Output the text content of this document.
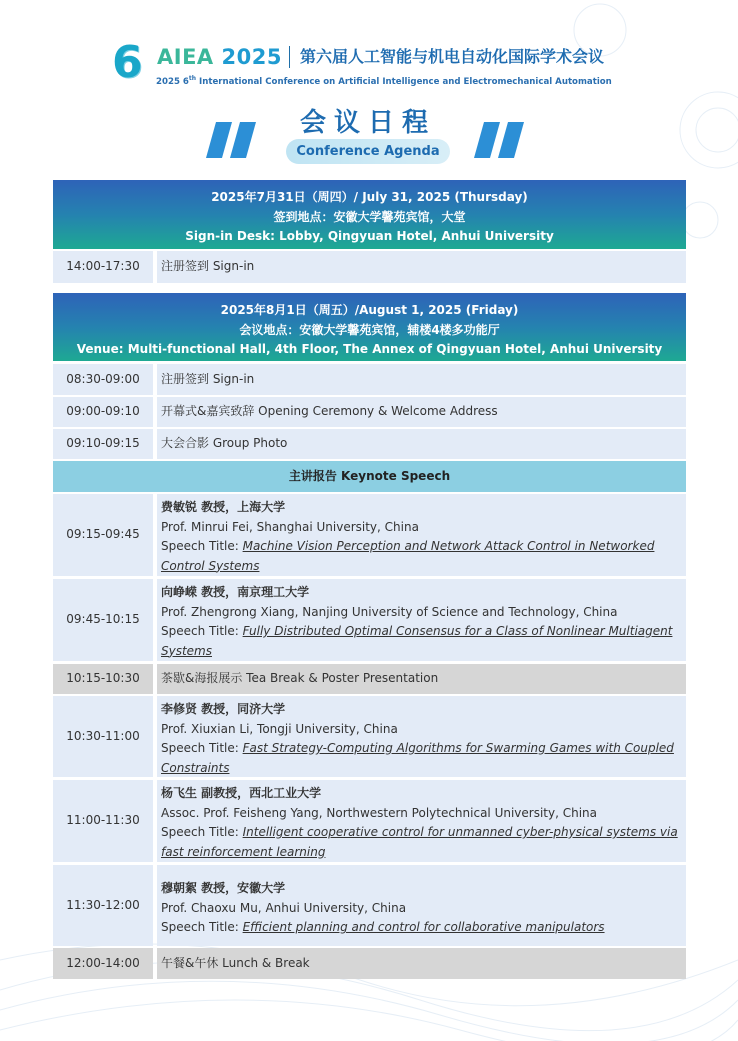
6 AIEA 2025 第六届人工智能与机电自动化国际学术会议
2025 6th International Conference on Artificial Intelligence and Electromechanical Automation
会议日程
Conference Agenda
2025年7月31日（周四）/ July 31, 2025 (Thursday)
签到地点：安徽大学馨苑宾馆，大堂
Sign-in Desk: Lobby, Qingyuan Hotel, Anhui University
14:00-17:30	注册签到 Sign-in
2025年8月1日（周五）/August 1, 2025 (Friday)
会议地点：安徽大学馨苑宾馆，辅楼4楼多功能厅
Venue: Multi-functional Hall, 4th Floor, The Annex of Qingyuan Hotel, Anhui University
08:30-09:00	注册签到 Sign-in
09:00-09:10	开幕式&嘉宾致辞 Opening Ceremony & Welcome Address
09:10-09:15	大会合影 Group Photo
主讲报告 Keynote Speech
09:15-09:45
费敏锐 教授，上海大学
Prof. Minrui Fei, Shanghai University, China
Speech Title: Machine Vision Perception and Network Attack Control in Networked
Control Systems
09:45-10:15
向峥嵘 教授，南京理工大学
Prof. Zhengrong Xiang, Nanjing University of Science and Technology, China
Speech Title: Fully Distributed Optimal Consensus for a Class of Nonlinear Multiagent
Systems
10:15-10:30	茶歇&海报展示 Tea Break & Poster Presentation
10:30-11:00
李修贤 教授，同济大学
Prof. Xiuxian Li, Tongji University, China
Speech Title: Fast Strategy-Computing Algorithms for Swarming Games with Coupled
Constraints
11:00-11:30
杨飞生 副教授，西北工业大学
Assoc. Prof. Feisheng Yang, Northwestern Polytechnical University, China
Speech Title: Intelligent cooperative control for unmanned cyber-physical systems via
fast reinforcement learning
11:30-12:00
穆朝絮 教授，安徽大学
Prof. Chaoxu Mu, Anhui University, China
Speech Title: Efficient planning and control for collaborative manipulators
12:00-14:00	午餐&午休 Lunch & Break
